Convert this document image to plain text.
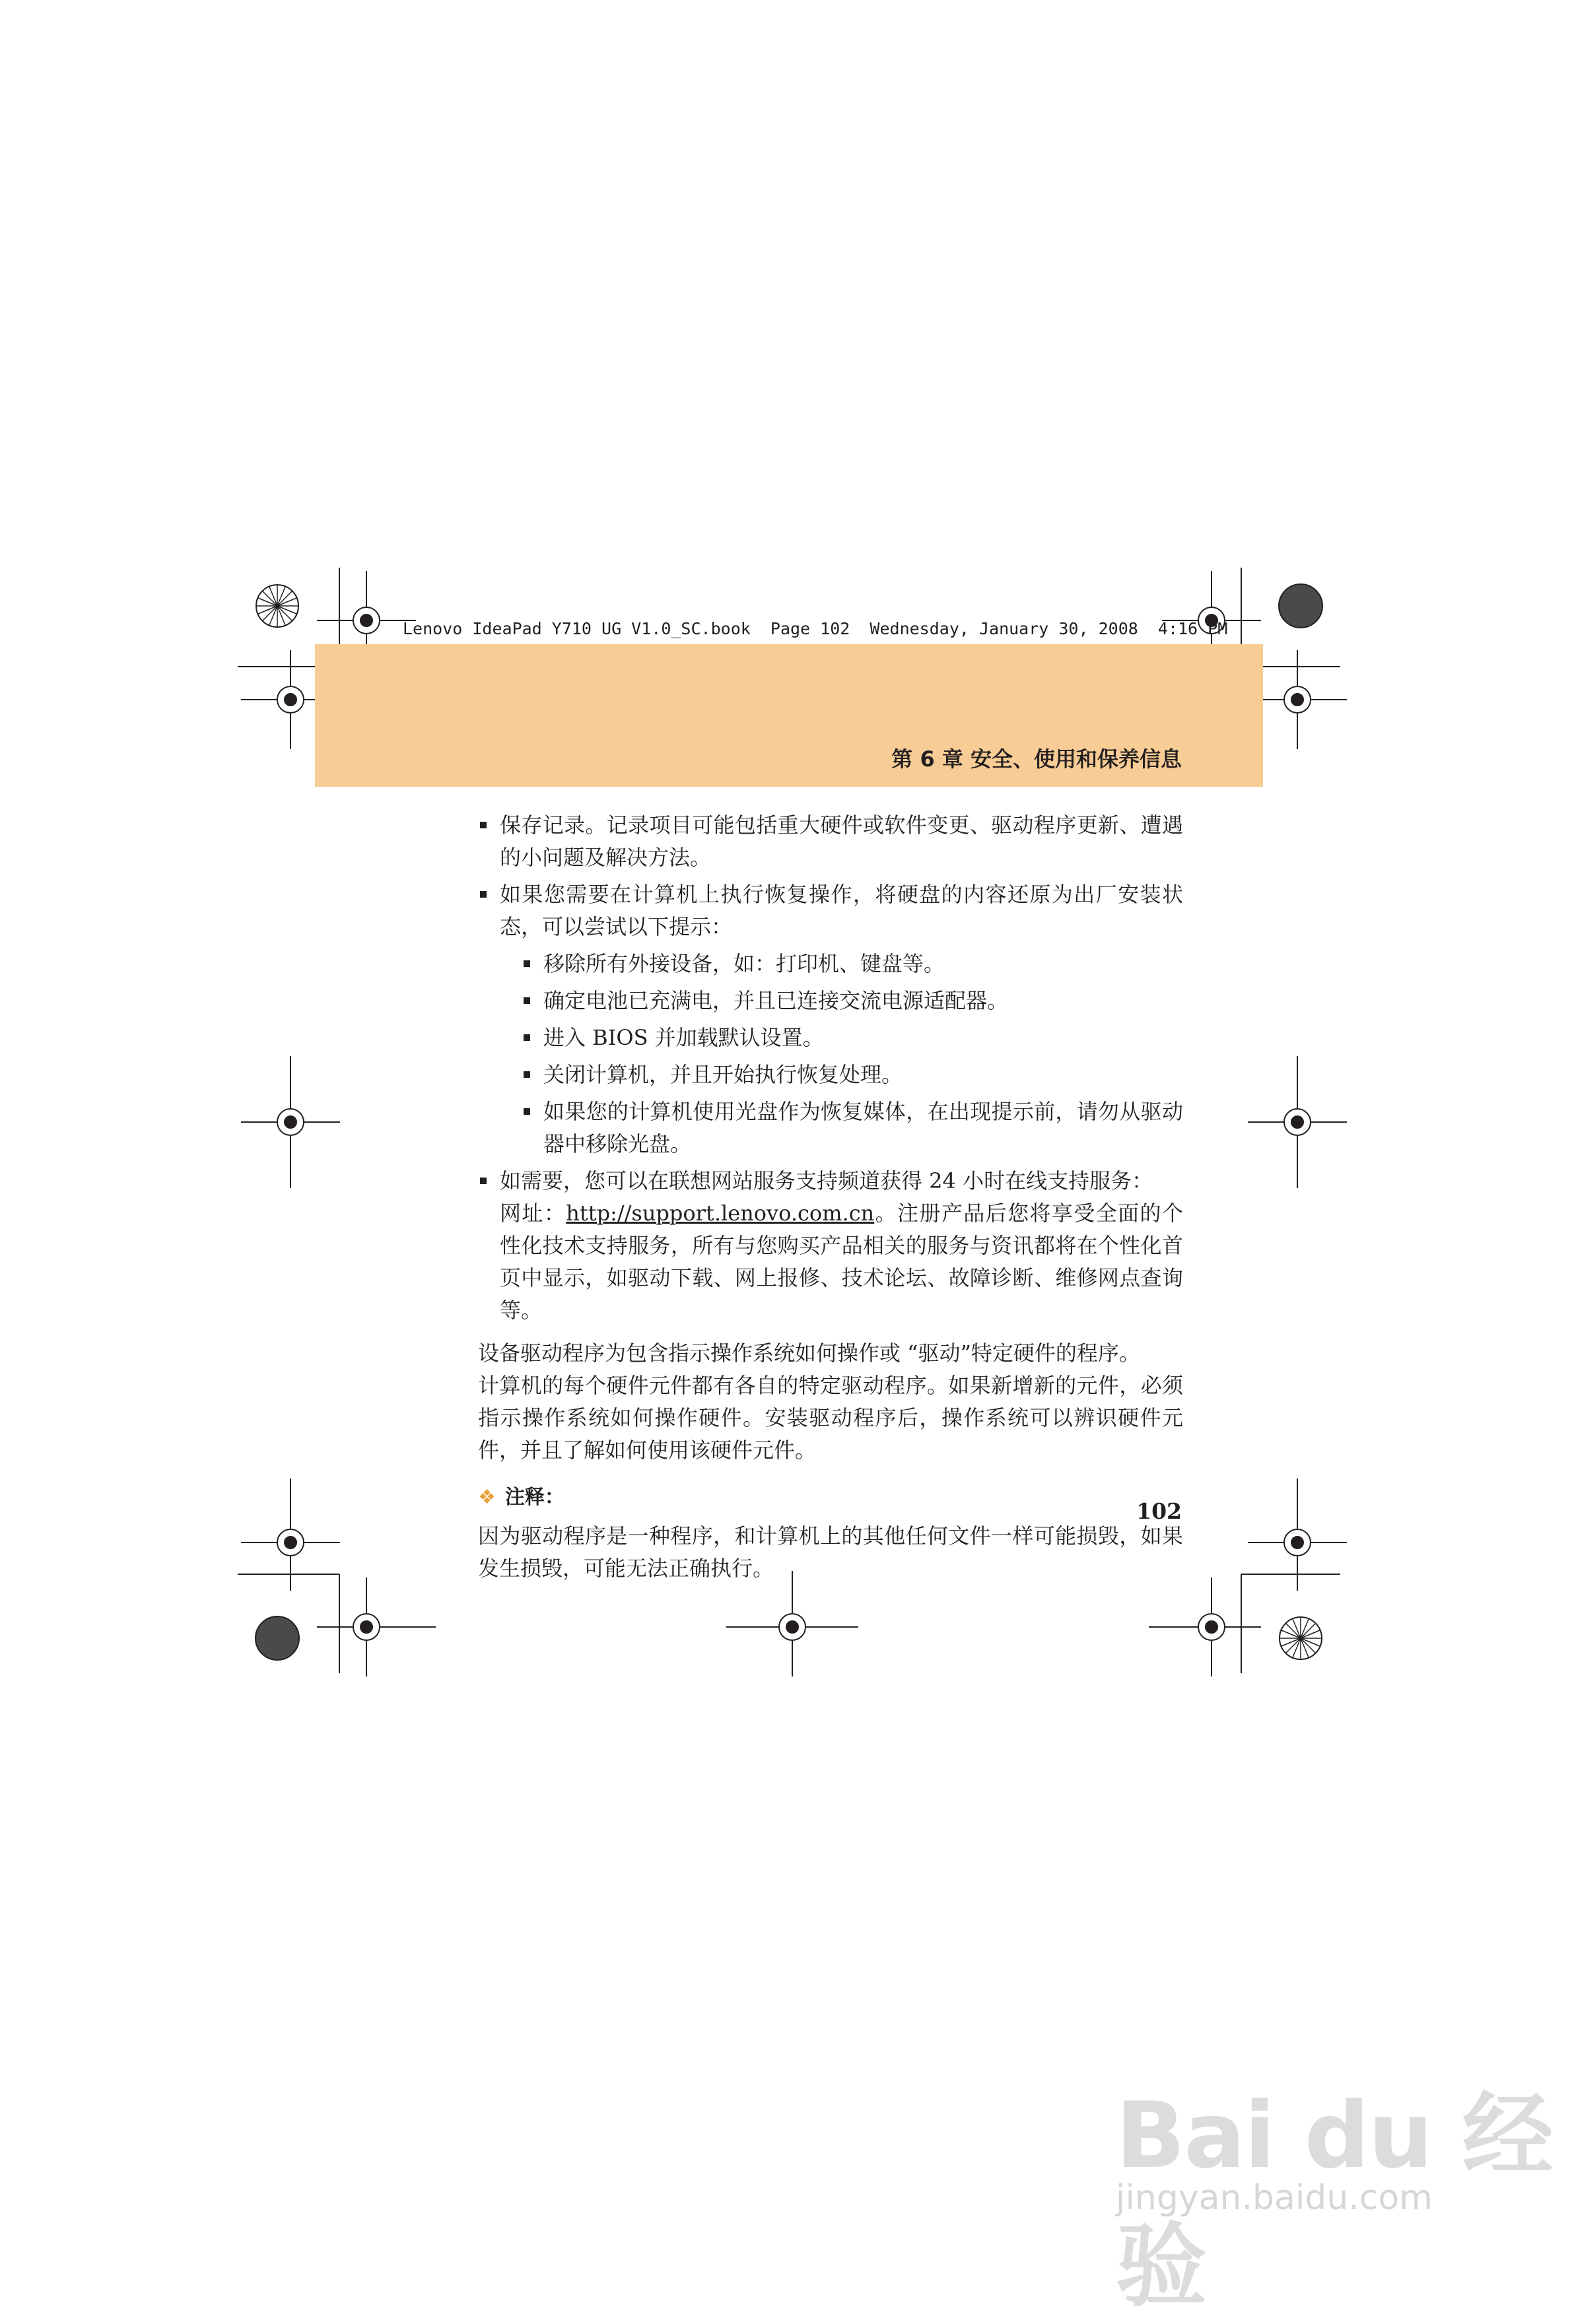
Lenovo IdeaPad Y710 UG V1.0_SC.book  Page 102  Wednesday, January 30, 2008  4:16 PM
第 6 章 安全、使用和保养信息
保存记录。记录项目可能包括重大硬件或软件变更、驱动程序更新、遭遇的小问题及解决方法。
如果您需要在计算机上执行恢复操作，将硬盘的内容还原为出厂安装状态，可以尝试以下提示：
移除所有外接设备，如：打印机、键盘等。
确定电池已充满电，并且已连接交流电源适配器。
进入 BIOS 并加载默认设置。
关闭计算机，并且开始执行恢复处理。
如果您的计算机使用光盘作为恢复媒体，在出现提示前，请勿从驱动器中移除光盘。
如需要，您可以在联想网站服务支持频道获得 24 小时在线支持服务：
网址：http://support.lenovo.com.cn。注册产品后您将享受全面的个性化技术支持服务，所有与您购买产品相关的服务与资讯都将在个性化首页中显示，如驱动下载、网上报修、技术论坛、故障诊断、维修网点查询等。
设备驱动程序为包含指示操作系统如何操作或 “驱动”特定硬件的程序。
计算机的每个硬件元件都有各自的特定驱动程序。如果新增新的元件，必须指示操作系统如何操作硬件。安装驱动程序后，操作系统可以辨识硬件元件，并且了解如何使用该硬件元件。
❖ 注释：
因为驱动程序是一种程序，和计算机上的其他任何文件一样可能损毁，如果发生损毁，可能无法正确执行。
102
Bai du 经验
jingyan.baidu.com
